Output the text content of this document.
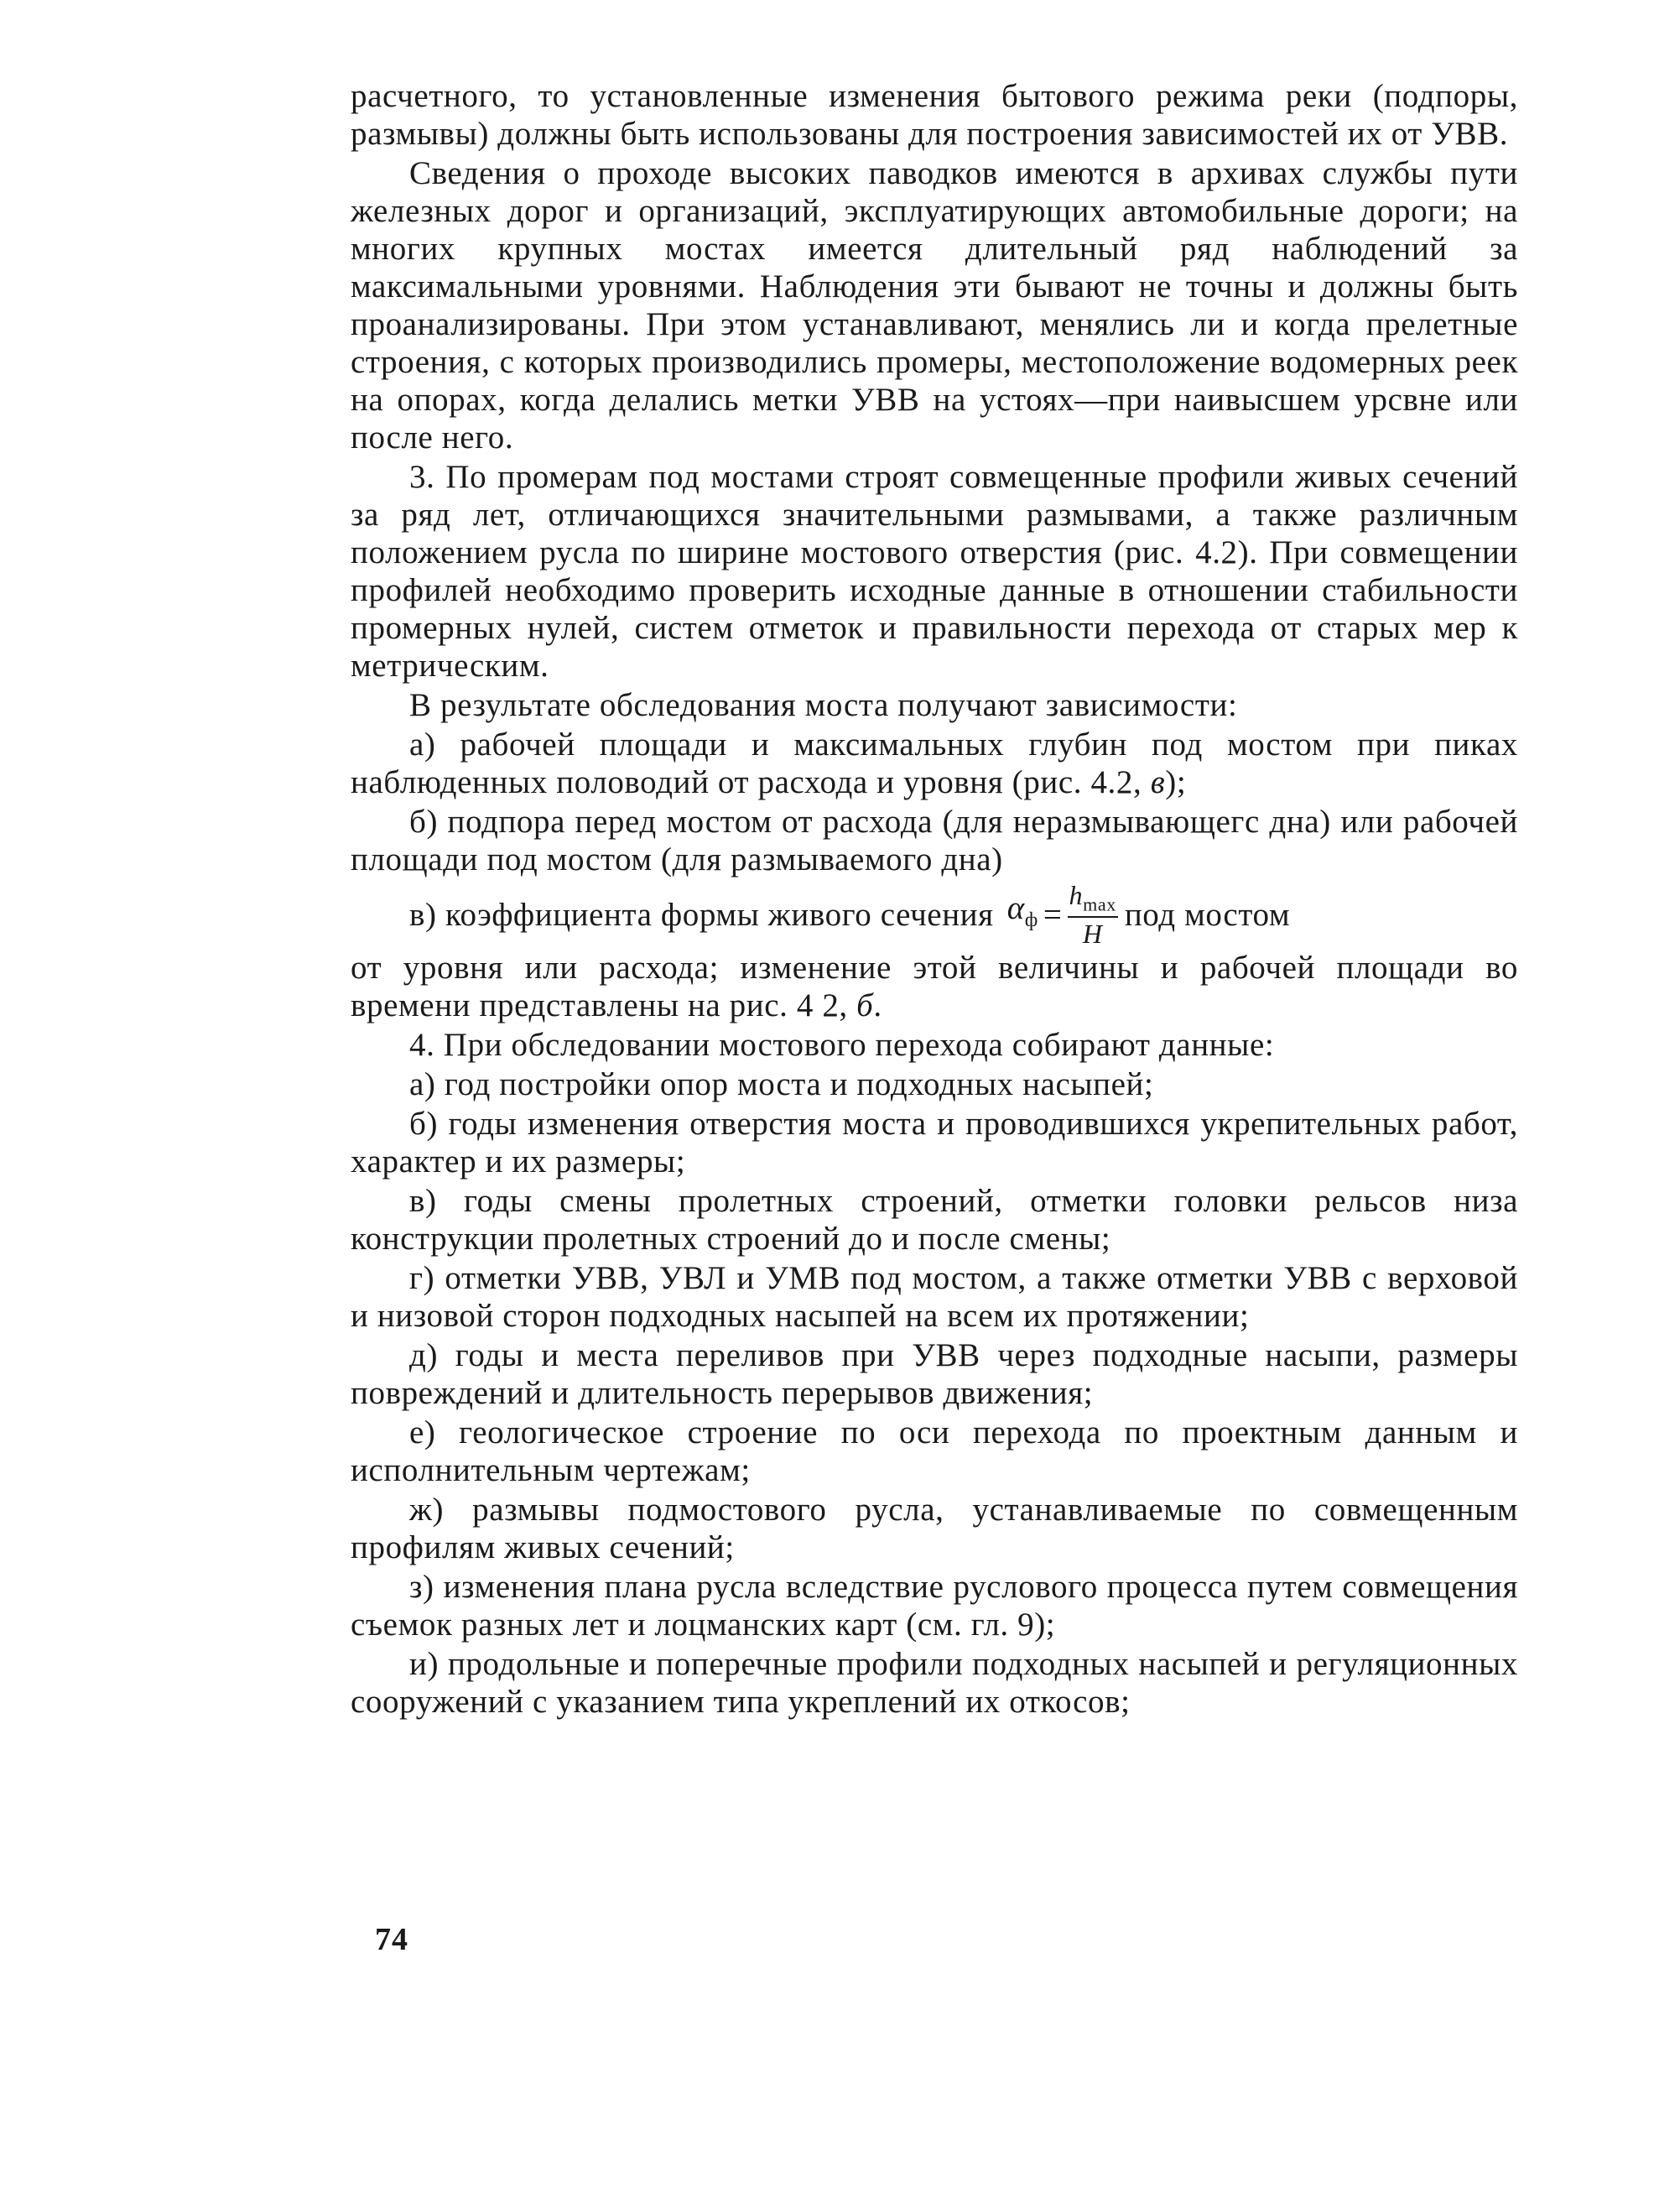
расчетного, то установленные изменения бытового режима реки (подпоры, размывы) должны быть использованы для построения зависимостей их от УВВ.

Сведения о проходе высоких паводков имеются в архивах службы пути железных дорог и организаций, эксплуатирующих автомобильные дороги; на многих крупных мостах имеется длительный ряд наблюдений за максимальными уровнями. Наблюдения эти бывают не точны и должны быть проанализированы. При этом устанавливают, менялись ли и когда прелетные строения, с которых производились промеры, местоположение водомерных реек на опорах, когда делались метки УВВ на устоях—при наивысшем урсвне или после него.

3. По промерам под мостами строят совмещенные профили живых сечений за ряд лет, отличающихся значительными размывами, а также различным положением русла по ширине мостового отверстия (рис. 4.2). При совмещении профилей необходимо проверить исходные данные в отношении стабильности промерных нулей, систем отметок и правильности перехода от старых мер к метрическим.

В результате обследования моста получают зависимости:

а) рабочей площади и максимальных глубин под мостом при пиках наблюденных половодий от расхода и уровня (рис. 4.2, в);

б) подпора перед мостом от расхода (для неразмывающегс дна) или рабочей площади под мостом (для размываемого дна)

в) коэффициента формы живого сечения $\alpha_ф = \frac{h_{max}}{H}$ под мостом

от уровня или расхода; изменение этой величины и рабочей площади во времени представлены на рис. 4 2, б.

4. При обследовании мостового перехода собирают данные:

а) год постройки опор моста и подходных насыпей;

б) годы изменения отверстия моста и проводившихся укрепительных работ, характер и их размеры;

в) годы смены пролетных строений, отметки головки рельсов низа конструкции пролетных строений до и после смены;

г) отметки УВВ, УВЛ и УМВ под мостом, а также отметки УВВ с верховой и низовой сторон подходных насыпей на всем их протяжении;

д) годы и места переливов при УВВ через подходные насыпи, размеры повреждений и длительность перерывов движения;

е) геологическое строение по оси перехода по проектным данным и исполнительным чертежам;

ж) размывы подмостового русла, устанавливаемые по совмещенным профилям живых сечений;

з) изменения плана русла вследствие руслового процесса путем совмещения съемок разных лет и лоцманских карт (см. гл. 9);

и) продольные и поперечные профили подходных насыпей и регуляционных сооружений с указанием типа укреплений их откосов;

74
